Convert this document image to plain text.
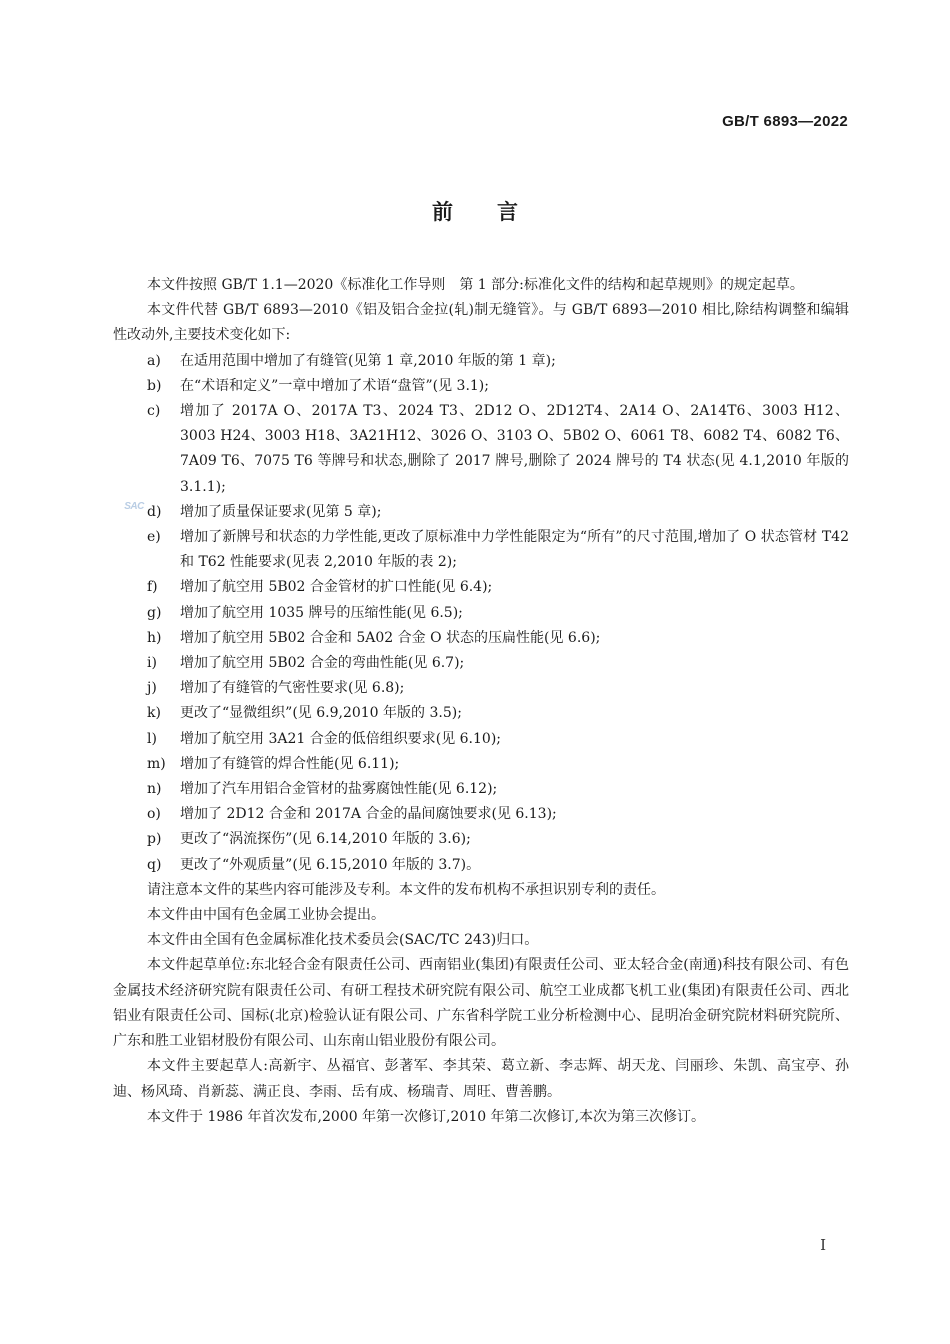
GB/T 6893—2022
前言
SAC

本文件按照 GB/T 1.1—2020《标准化工作导则　第 1 部分:标准化文件的结构和起草规则》的规定起草。

本文件代替 GB/T 6893—2010《铝及铝合金拉(轧)制无缝管》。与 GB/T 6893—2010 相比,除结构调整和编辑性改动外,主要技术变化如下:

a)	在适用范围中增加了有缝管(见第 1 章,2010 年版的第 1 章);
b)	在“术语和定义”一章中增加了术语“盘管”(见 3.1);
c)	增加了 2017A O、2017A T3、2024 T3、2D12 O、2D12T4、2A14 O、2A14T6、3003 H12、3003 H24、3003 H18、3A21H12、3026 O、3103 O、5B02 O、6061 T8、6082 T4、6082 T6、7A09 T6、7075 T6 等牌号和状态,删除了 2017 牌号,删除了 2024 牌号的 T4 状态(见 4.1,2010 年版的 3.1.1);
d)	增加了质量保证要求(见第 5 章);
e)	增加了新牌号和状态的力学性能,更改了原标准中力学性能限定为“所有”的尺寸范围,增加了 O 状态管材 T42 和 T62 性能要求(见表 2,2010 年版的表 2);
f)	增加了航空用 5B02 合金管材的扩口性能(见 6.4);
g)	增加了航空用 1035 牌号的压缩性能(见 6.5);
h)	增加了航空用 5B02 合金和 5A02 合金 O 状态的压扁性能(见 6.6);
i)	增加了航空用 5B02 合金的弯曲性能(见 6.7);
j)	增加了有缝管的气密性要求(见 6.8);
k)	更改了“显微组织”(见 6.9,2010 年版的 3.5);
l)	增加了航空用 3A21 合金的低倍组织要求(见 6.10);
m)	增加了有缝管的焊合性能(见 6.11);
n)	增加了汽车用铝合金管材的盐雾腐蚀性能(见 6.12);
o)	增加了 2D12 合金和 2017A 合金的晶间腐蚀要求(见 6.13);
p)	更改了“涡流探伤”(见 6.14,2010 年版的 3.6);
q)	更改了“外观质量”(见 6.15,2010 年版的 3.7)。

请注意本文件的某些内容可能涉及专利。本文件的发布机构不承担识别专利的责任。

本文件由中国有色金属工业协会提出。

本文件由全国有色金属标准化技术委员会(SAC/TC 243)归口。

本文件起草单位:东北轻合金有限责任公司、西南铝业(集团)有限责任公司、亚太轻合金(南通)科技有限公司、有色金属技术经济研究院有限责任公司、有研工程技术研究院有限公司、航空工业成都飞机工业(集团)有限责任公司、西北铝业有限责任公司、国标(北京)检验认证有限公司、广东省科学院工业分析检测中心、昆明冶金研究院材料研究院所、广东和胜工业铝材股份有限公司、山东南山铝业股份有限公司。

本文件主要起草人:高新宇、丛福官、彭著军、李其荣、葛立新、李志辉、胡天龙、闫丽珍、朱凯、高宝亭、孙迪、杨风琦、肖新蕊、满正良、李雨、岳有成、杨瑞青、周旺、曹善鹏。

本文件于 1986 年首次发布,2000 年第一次修订,2010 年第二次修订,本次为第三次修订。

I
